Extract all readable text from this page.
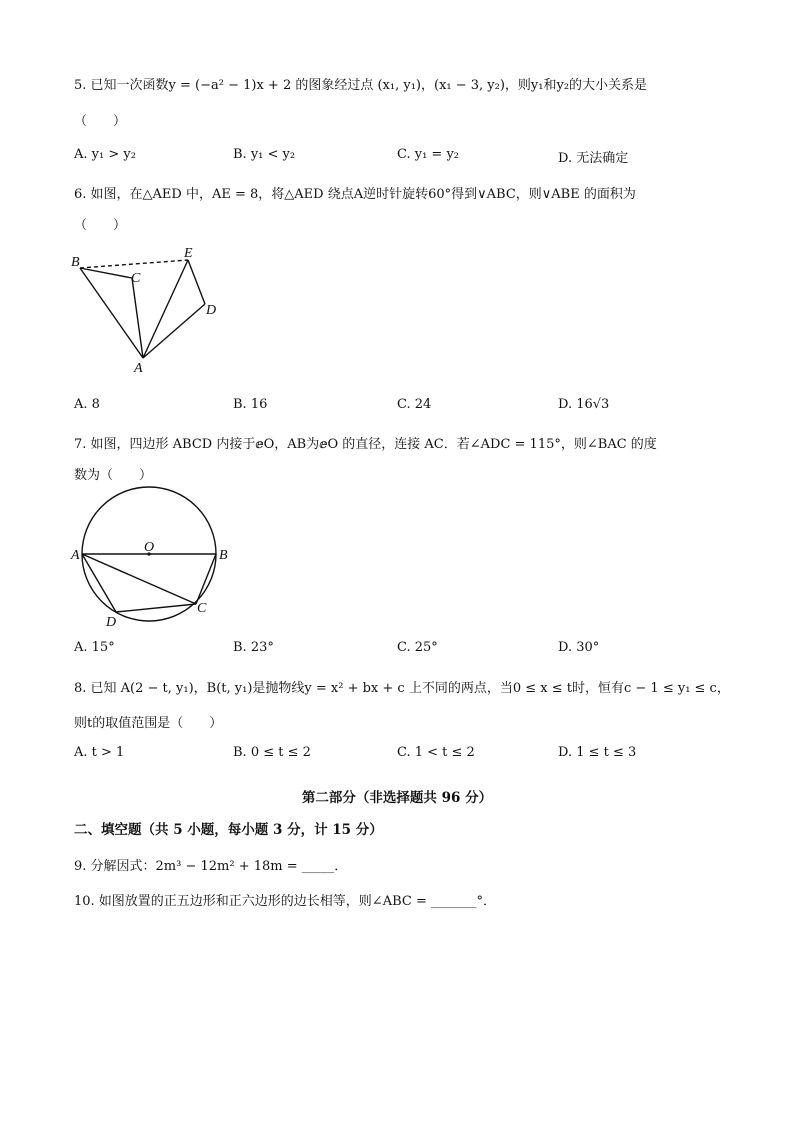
5. 已知一次函数y = (−a² − 1)x + 2 的图象经过点 (x₁, y₁)，(x₁ − 3, y₂)，则y₁和y₂的大小关系是
（　　）
A. y₁ > y₂	B. y₁ < y₂	C. y₁ = y₂	D. 无法确定
6. 如图，在△AED 中，AE = 8，将△AED 绕点A逆时针旋转60°得到∨ABC，则∨ABE 的面积为
（　　）
B
C
E
D
A
A. 8	B. 16	C. 24	D. 16√3
7. 如图，四边形 ABCD 内接于ⅇO，AB为ⅇO 的直径，连接 AC．若∠ADC = 115°，则∠BAC 的度
数为（　　）
O
A	B
C
D
A. 15°	B. 23°	C. 25°	D. 30°
8. 已知 A(2 − t, y₁)，B(t, y₁)是抛物线y = x² + bx + c 上不同的两点，当0 ≤ x ≤ t时，恒有c − 1 ≤ y₁ ≤ c，
则t的取值范围是（　　）
A. t > 1	B. 0 ≤ t ≤ 2	C. 1 < t ≤ 2	D. 1 ≤ t ≤ 3
第二部分（非选择题共 96 分）
二、填空题（共 5 小题，每小题 3 分，计 15 分）
9. 分解因式：2m³ − 12m² + 18m = _____．
10. 如图放置的正五边形和正六边形的边长相等，则∠ABC = _______°．
